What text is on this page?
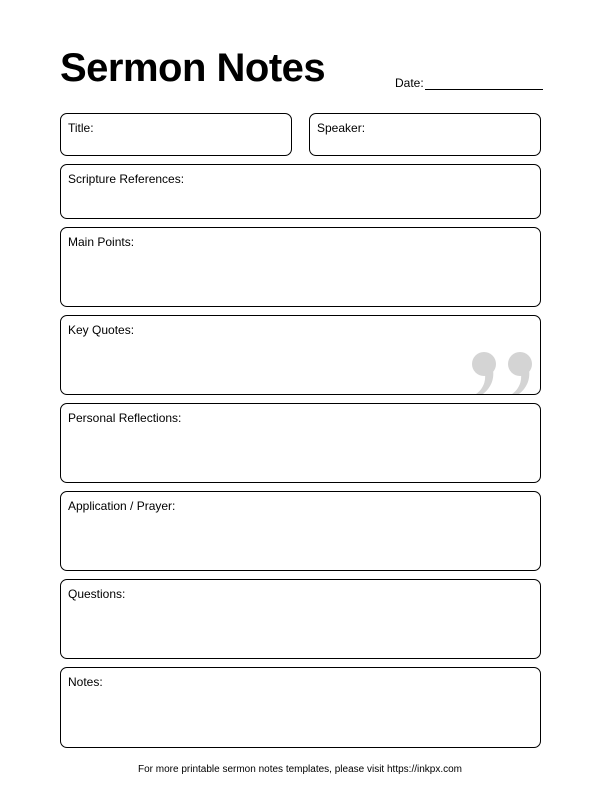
Sermon Notes	Date:
Title:	Speaker:
Scripture References:
Main Points:
Key Quotes:
Personal Reflections:
Application / Prayer:
Questions:
Notes:
For more printable sermon notes templates, please visit https://inkpx.com
